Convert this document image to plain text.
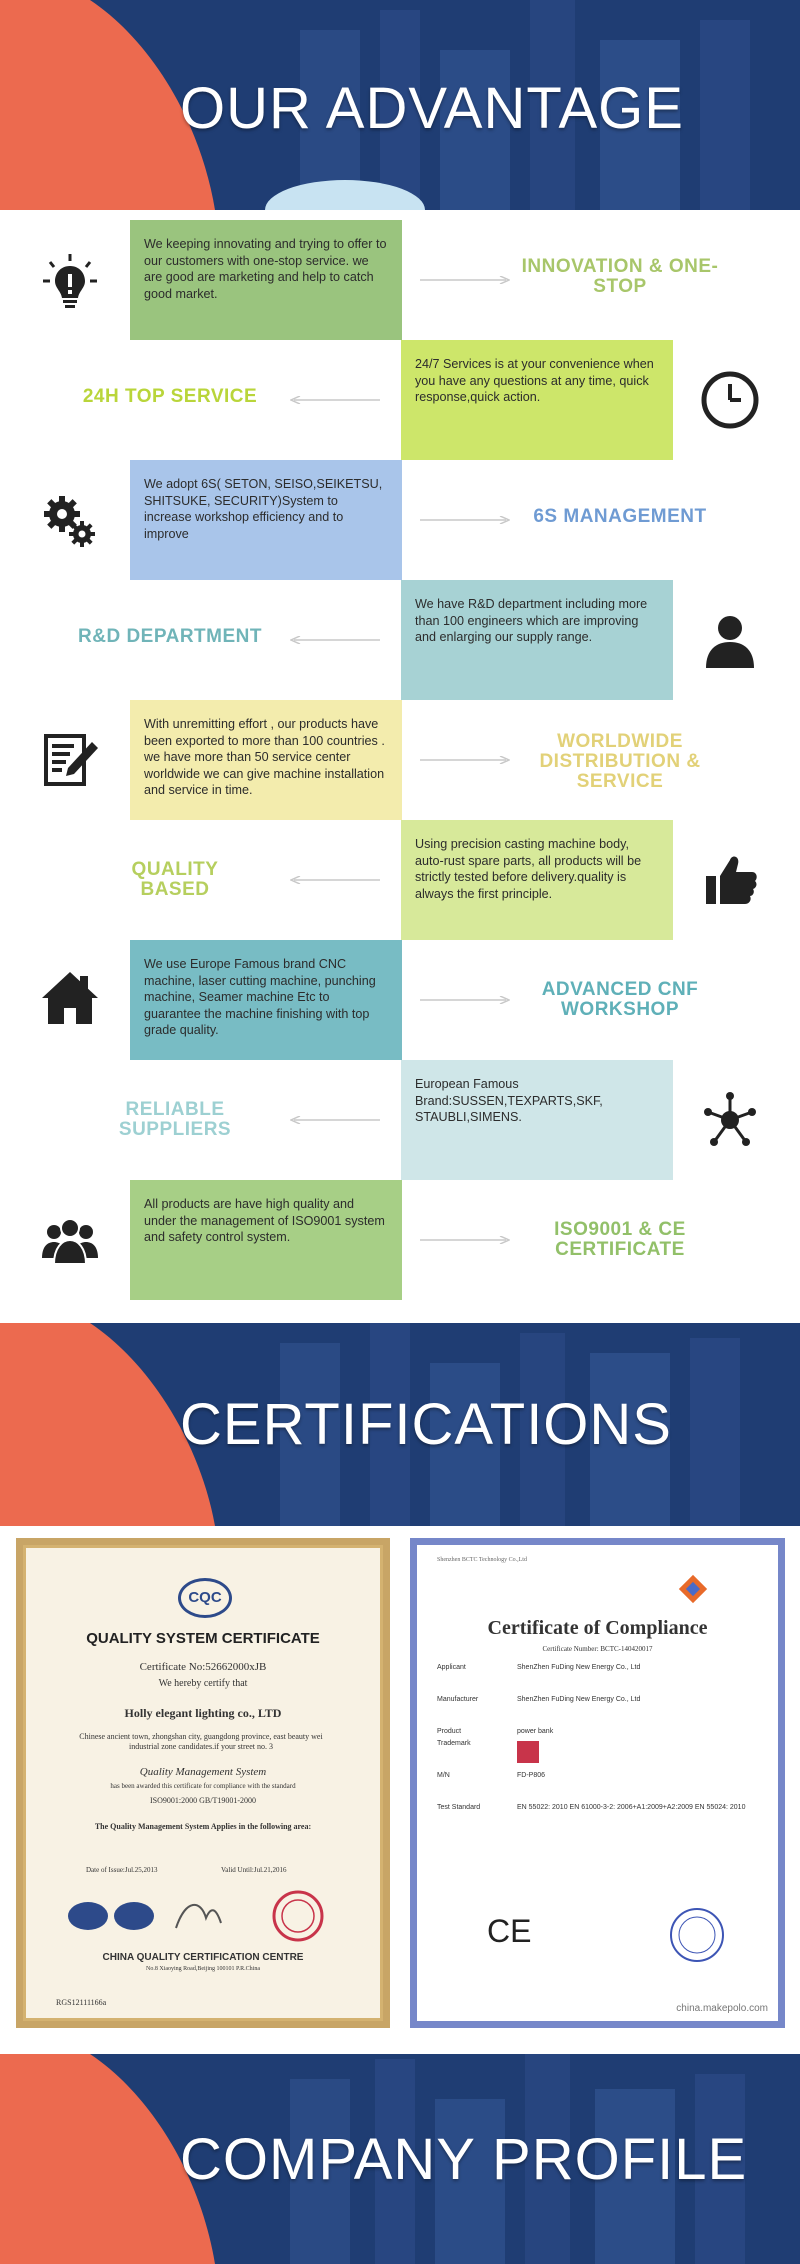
OUR ADVANTAGE
We keeping innovating and trying to offer to our customers with one-stop service. we are good are marketing and help to catch good market.
INNOVATION & ONE-STOP
24/7 Services is at your convenience when you have any questions at any time, quick response,quick action.
24H TOP SERVICE
We adopt 6S( SETON, SEISO,SEIKETSU, SHITSUKE, SECURITY)System to increase workshop efficiency and to improve
6S MANAGEMENT
We have R&D department including more than 100 engineers which are improving and enlarging our supply range.
R&D DEPARTMENT
With unremitting effort , our products have been exported to more than 100 countries . we have more than 50 service center worldwide we can give machine installation and service in time.
WORLDWIDE DISTRIBUTION & SERVICE
Using precision casting machine body, auto-rust spare parts, all products will be strictly tested before delivery.quality is always the first principle.
QUALITY BASED
We use Europe Famous brand CNC machine, laser cutting machine, punching machine, Seamer machine Etc to guarantee the machine finishing with top grade quality.
ADVANCED CNF WORKSHOP
European Famous Brand:SUSSEN,TEXPARTS,SKF, STAUBLI,SIMENS.
RELIABLE SUPPLIERS
All products are have high quality and under the management of ISO9001 system and safety control system.	ISO9001 & CE CERTIFICATE
CERTIFICATIONS
CQC
QUALITY SYSTEM CERTIFICATE
Certificate No:52662000xJB
We hereby certify that
Holly elegant lighting co., LTD
Chinese ancient town, zhongshan city, guangdong province, east beauty wei industrial zone candidates.if your street no. 3
Quality Management System
has been awarded this certificate for compliance with the standard
ISO9001:2000 GB/T19001-2000
The Quality Management System Applies in the following area:
Date of Issue:Jul.25,2013	Valid Until:Jul.21,2016
CHINA QUALITY CERTIFICATION CENTRE
No.8 Xiaoying Road,Beijing 100101 P.R.China
RGS12111166a
Shenzhen BCTC Technology Co.,Ltd
Certificate of Compliance
Certificate Number: BCTC-140420017
Applicant	ShenZhen FuDing New Energy Co., Ltd
Manufacturer	ShenZhen FuDing New Energy Co., Ltd
Product	power bank
Trademark
M/N	FD-P806
Test Standard	EN 55022: 2010 EN 61000-3-2: 2006+A1:2009+A2:2009 EN 55024: 2010
CE
china.makepolo.com
COMPANY PROFILE
